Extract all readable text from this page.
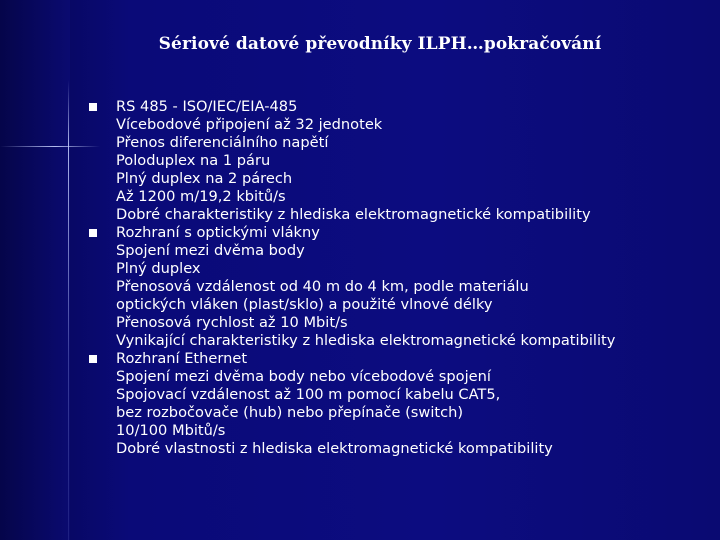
Sériové datové převodníky ILPH…pokračování
RS 485 - ISO/IEC/EIA-485
Vícebodové připojení až 32 jednotek
Přenos diferenciálního napětí
Poloduplex na 1 páru
Plný duplex na 2 párech
Až 1200 m/19,2 kbitů/s
Dobré charakteristiky z hlediska elektromagnetické kompatibility
Rozhraní s optickými vlákny
Spojení mezi dvěma body
Plný duplex
Přenosová vzdálenost od 40 m do 4 km, podle materiálu
optických vláken (plast/sklo) a použité vlnové délky
Přenosová rychlost až 10 Mbit/s
Vynikající charakteristiky z hlediska elektromagnetické kompatibility
Rozhraní Ethernet
Spojení mezi dvěma body nebo vícebodové spojení
Spojovací vzdálenost až 100 m pomocí kabelu CAT5,
bez rozbočovače (hub) nebo přepínače (switch)
10/100 Mbitů/s
Dobré vlastnosti z hlediska elektromagnetické kompatibility
